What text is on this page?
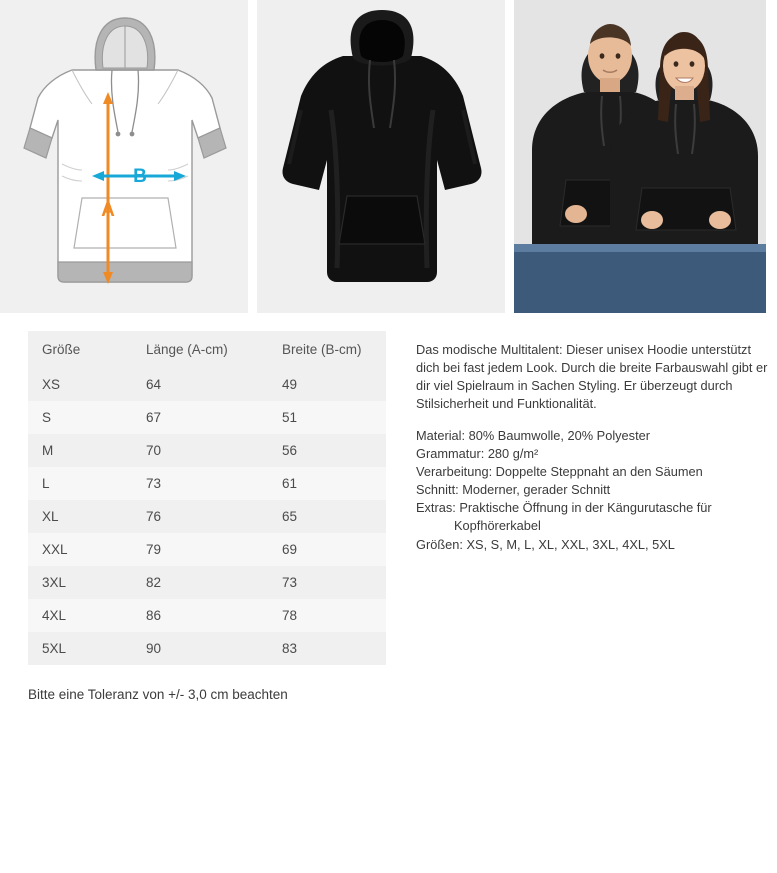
A
B
Größe	Länge (A-cm)	Breite (B-cm)
XS	64	49
S	67	51
M	70	56
L	73	61
XL	76	65
XXL	79	69
3XL	82	73
4XL	86	78
5XL	90	83

Das modische Multitalent: Dieser unisex Hoodie unterstützt dich bei fast jedem Look. Durch die breite Farbauswahl gibt er dir viel Spielraum in Sachen Styling. Er überzeugt durch Stilsicherheit und Funktionalität.

Material: 80% Baumwolle, 20% Polyester

Grammatur: 280 g/m²

Verarbeitung: Doppelte Steppnaht an den Säumen

Schnitt: Moderner, gerader Schnitt

Extras: Praktische Öffnung in der Kängurutasche für

Kopfhörerkabel

Größen: XS, S, M, L, XL, XXL, 3XL, 4XL, 5XL

Bitte eine Toleranz von +/- 3,0 cm beachten
